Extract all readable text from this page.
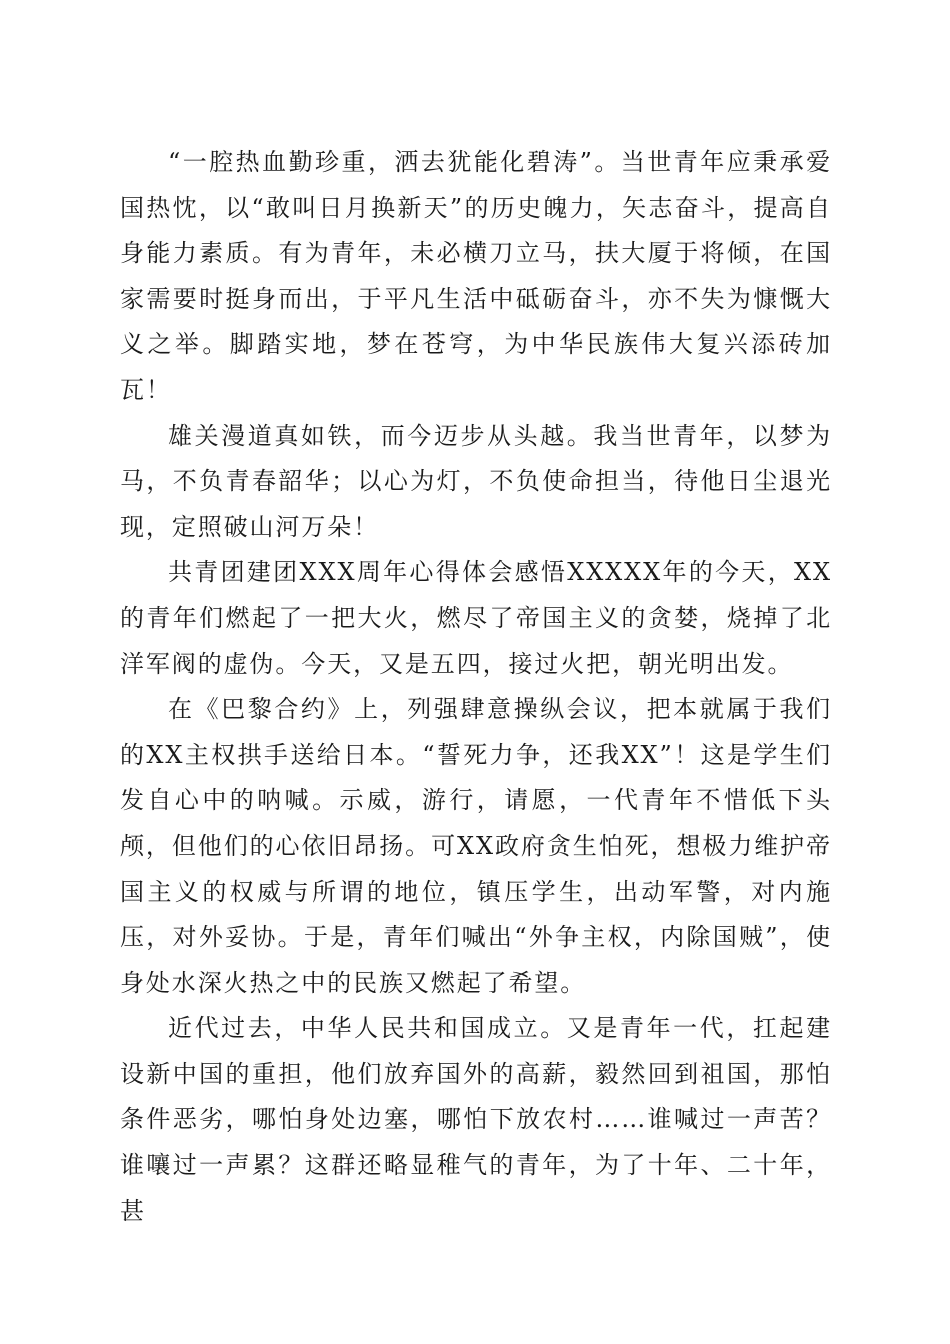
“一腔热血勤珍重，洒去犹能化碧涛”。当世青年应秉承爱国热忱，以“敢叫日月换新天”的历史魄力，矢志奋斗，提高自身能力素质。有为青年，未必横刀立马，扶大厦于将倾，在国家需要时挺身而出，于平凡生活中砥砺奋斗，亦不失为慷慨大义之举。脚踏实地，梦在苍穹，为中华民族伟大复兴添砖加瓦！

雄关漫道真如铁，而今迈步从头越。我当世青年，以梦为马，不负青春韶华；以心为灯，不负使命担当，待他日尘退光现，定照破山河万朵！

共青团建团XXX周年心得体会感悟XXXXX年的今天，XX的青年们燃起了一把大火，燃尽了帝国主义的贪婪，烧掉了北洋军阀的虚伪。今天，又是五四，接过火把，朝光明出发。

在《巴黎合约》上，列强肆意操纵会议，把本就属于我们的XX主权拱手送给日本。“誓死力争，还我XX”！这是学生们发自心中的呐喊。示威，游行，请愿，一代青年不惜低下头颅，但他们的心依旧昂扬。可XX政府贪生怕死，想极力维护帝国主义的权威与所谓的地位，镇压学生，出动军警，对内施压，对外妥协。于是，青年们喊出“外争主权，内除国贼”，使身处水深火热之中的民族又燃起了希望。

近代过去，中华人民共和国成立。又是青年一代，扛起建设新中国的重担，他们放弃国外的高薪，毅然回到祖国，那怕条件恶劣，哪怕身处边塞，哪怕下放农村……谁喊过一声苦？谁嚷过一声累？这群还略显稚气的青年，为了十年、二十年，甚
